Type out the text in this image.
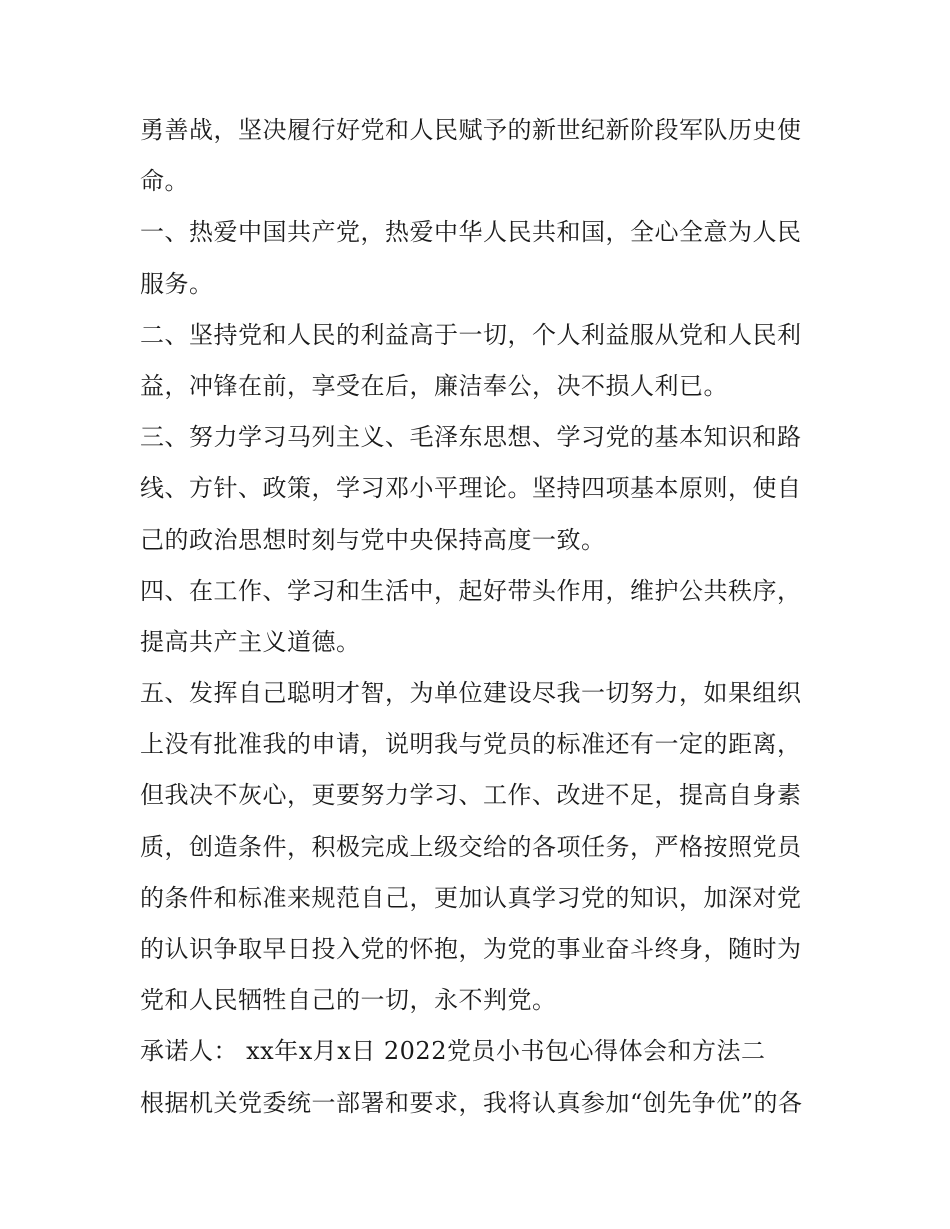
勇善战，坚决履行好党和人民赋予的新世纪新阶段军队历史使
命。
一、热爱中国共产党，热爱中华人民共和国，全心全意为人民
服务。
二、坚持党和人民的利益高于一切，个人利益服从党和人民利
益，冲锋在前，享受在后，廉洁奉公，决不损人利已。
三、努力学习马列主义、毛泽东思想、学习党的基本知识和路
线、方针、政策，学习邓小平理论。坚持四项基本原则，使自
己的政治思想时刻与党中央保持高度一致。
四、在工作、学习和生活中，起好带头作用，维护公共秩序，
提高共产主义道德。
五、发挥自己聪明才智，为单位建设尽我一切努力，如果组织
上没有批准我的申请，说明我与党员的标准还有一定的距离，
但我决不灰心，更要努力学习、工作、改进不足，提高自身素
质，创造条件，积极完成上级交给的各项任务，严格按照党员
的条件和标准来规范自己，更加认真学习党的知识，加深对党
的认识争取早日投入党的怀抱，为党的事业奋斗终身，随时为
党和人民牺牲自己的一切，永不判党。
承诺人： xx年x月x日 2022党员小书包心得体会和方法二
根据机关党委统一部署和要求，我将认真参加“创先争优”的各
